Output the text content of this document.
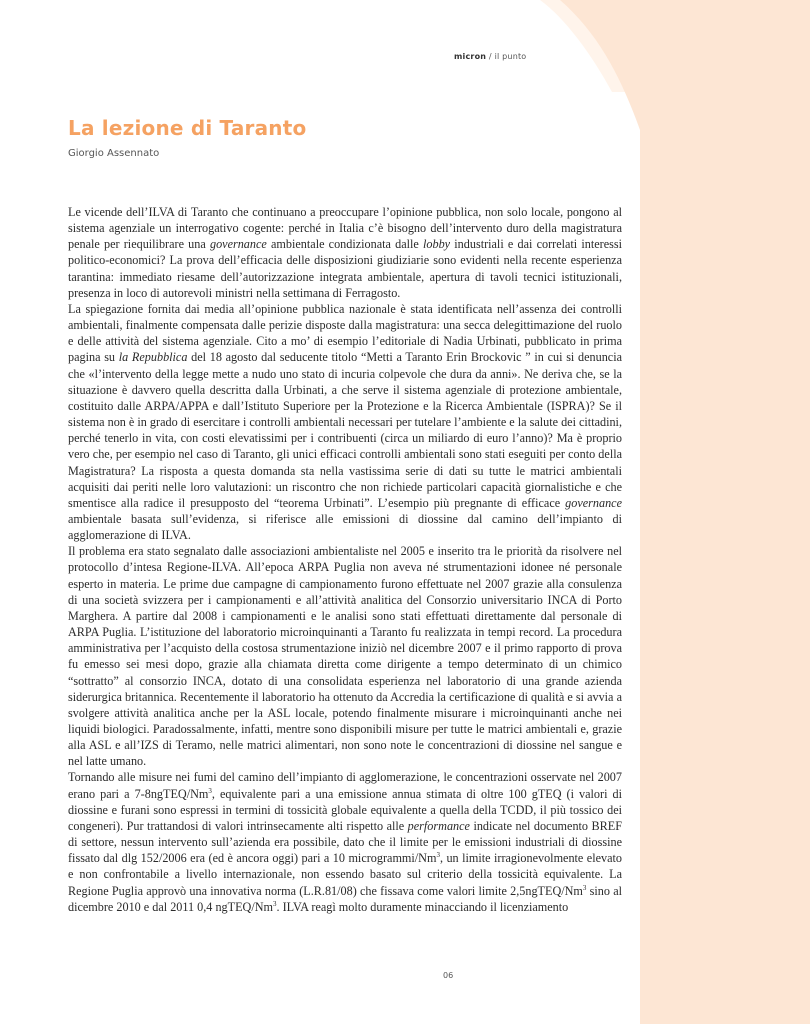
micron / il punto
La lezione di Taranto
Giorgio Assennato

Le vicende dell’ILVA di Taranto che continuano a preoccupare l’opinione pubblica, non solo locale, pongono al sistema agenziale un interrogativo cogente: perché in Italia c’è bisogno dell’intervento duro della magistratura penale per riequilibrare una governance ambientale condizionata dalle lobby industriali e dai correlati interessi politico-economici? La prova dell’efficacia delle disposizioni giudiziarie sono evidenti nella recente esperienza tarantina: immediato riesame dell’autorizzazione integrata ambientale, apertura di tavoli tecnici istituzionali, presenza in loco di autorevoli ministri nella settimana di Ferragosto.

La spiegazione fornita dai media all’opinione pubblica nazionale è stata identificata nell’assenza dei controlli ambientali, finalmente compensata dalle perizie disposte dalla magistratura: una secca delegittimazione del ruolo e delle attività del sistema agenziale. Cito a mo’ di esempio l’editoriale di Nadia Urbinati, pubblicato in prima pagina su la Repubblica del 18 agosto dal seducente titolo “Metti a Taranto Erin Brockovic ” in cui si denuncia che «l’intervento della legge mette a nudo uno stato di incuria colpevole che dura da anni». Ne deriva che, se la situazione è davvero quella descritta dalla Urbinati, a che serve il sistema agenziale di protezione ambientale, costituito dalle ARPA/APPA e dall’Istituto Superiore per la Protezione e la Ricerca Ambientale (ISPRA)? Se il sistema non è in grado di esercitare i controlli ambientali necessari per tutelare l’ambiente e la salute dei cittadini, perché tenerlo in vita, con costi elevatissimi per i contribuenti (circa un miliardo di euro l’anno)? Ma è proprio vero che, per esempio nel caso di Taranto, gli unici efficaci controlli ambientali sono stati eseguiti per conto della Magistratura? La risposta a questa domanda sta nella vastissima serie di dati su tutte le matrici ambientali acquisiti dai periti nelle loro valutazioni: un riscontro che non richiede particolari capacità giornalistiche e che smentisce alla radice il presupposto del “teorema Urbinati”. L’esempio più pregnante di efficace governance ambientale basata sull’evidenza, si riferisce alle emissioni di diossine dal camino dell’impianto di agglomerazione di ILVA.

Il problema era stato segnalato dalle associazioni ambientaliste nel 2005 e inserito tra le priorità da risolvere nel protocollo d’intesa Regione-ILVA. All’epoca ARPA Puglia non aveva né strumentazioni idonee né personale esperto in materia. Le prime due campagne di campionamento furono effettuate nel 2007 grazie alla consulenza di una società svizzera per i campionamenti e all’attività analitica del Consorzio universitario INCA di Porto Marghera. A partire dal 2008 i campionamenti e le analisi sono stati effettuati direttamente dal personale di ARPA Puglia. L’istituzione del laboratorio microinquinanti a Taranto fu realizzata in tempi record. La procedura amministrativa per l’acquisto della costosa strumentazione iniziò nel dicembre 2007 e il primo rapporto di prova fu emesso sei mesi dopo, grazie alla chiamata diretta come dirigente a tempo determinato di un chimico “sottratto” al consorzio INCA, dotato di una consolidata esperienza nel laboratorio di una grande azienda siderurgica britannica. Recentemente il laboratorio ha ottenuto da Accredia la certificazione di qualità e si avvia a svolgere attività analitica anche per la ASL locale, potendo finalmente misurare i microinquinanti anche nei liquidi biologici. Paradossalmente, infatti, mentre sono disponibili misure per tutte le matrici ambientali e, grazie alla ASL e all’IZS di Teramo, nelle matrici alimentari, non sono note le concentrazioni di diossine nel sangue e nel latte umano.

Tornando alle misure nei fumi del camino dell’impianto di agglomerazione, le concentrazioni osservate nel 2007 erano pari a 7-8ngTEQ/Nm$^3$, equivalente pari a una emissione annua stimata di oltre 100 gTEQ (i valori di diossine e furani sono espressi in termini di tossicità globale equivalente a quella della TCDD, il più tossico dei congeneri). Pur trattandosi di valori intrinsecamente alti rispetto alle performance indicate nel documento BREF di settore, nessun intervento sull’azienda era possibile, dato che il limite per le emissioni industriali di diossine fissato dal dlg 152/2006 era (ed è ancora oggi) pari a 10 microgrammi/Nm$^3$, un limite irragionevolmente elevato e non confrontabile a livello internazionale, non essendo basato sul criterio della tossicità equivalente. La Regione Puglia approvò una innovativa norma (L.R.81/08) che fissava come valori limite 2,5ngTEQ/Nm$^3$ sino al dicembre 2010 e dal 2011 0,4 ngTEQ/Nm$^3$. ILVA reagì molto duramente minacciando il licenziamento

06
